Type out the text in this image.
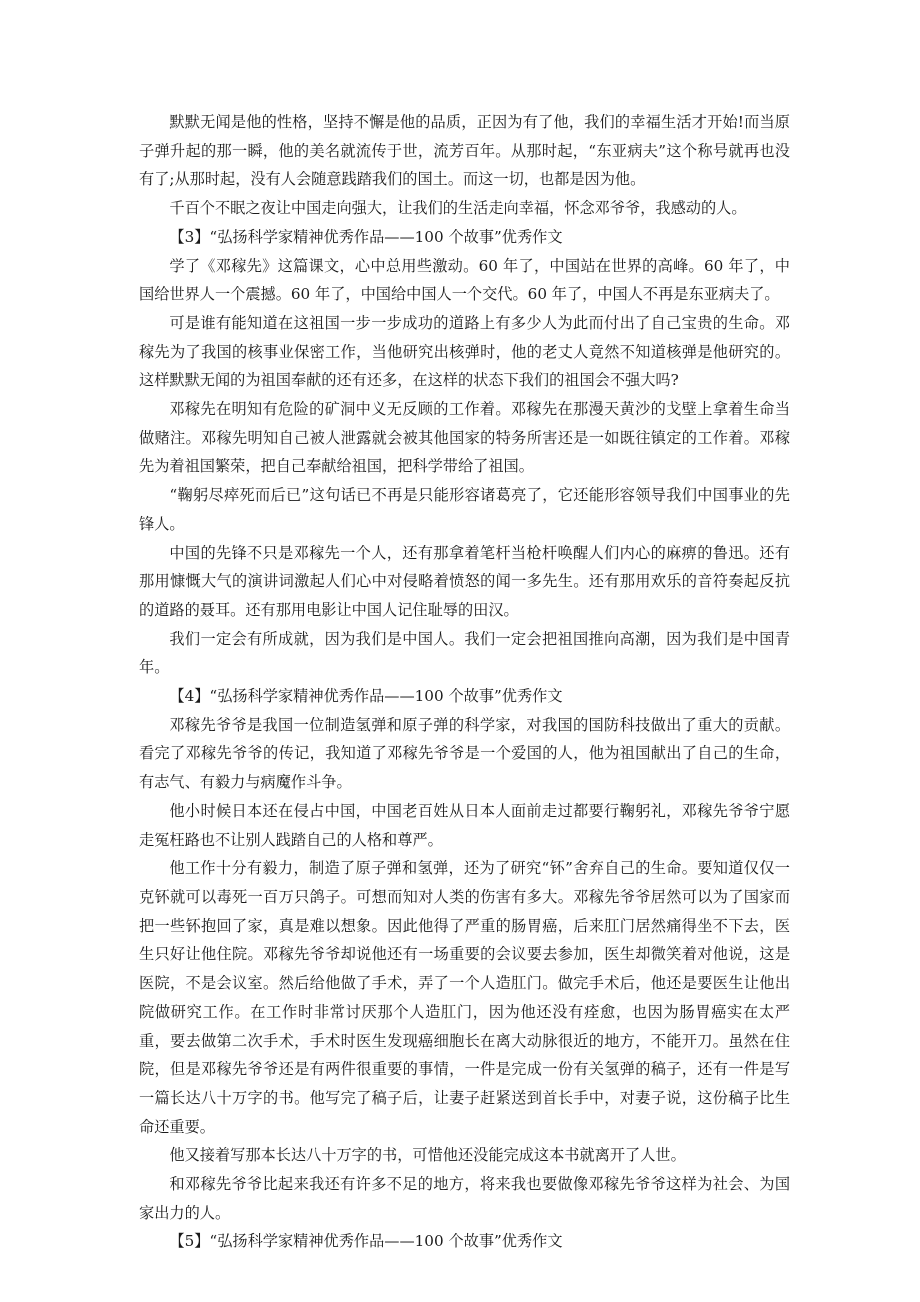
默默无闻是他的性格，坚持不懈是他的品质，正因为有了他，我们的幸福生活才开始!而当原子弹升起的那一瞬，他的美名就流传于世，流芳百年。从那时起，“东亚病夫”这个称号就再也没有了;从那时起，没有人会随意践踏我们的国土。而这一切，也都是因为他。

千百个不眠之夜让中国走向强大，让我们的生活走向幸福，怀念邓爷爷，我感动的人。

【3】“弘扬科学家精神优秀作品——100 个故事”优秀作文

学了《邓稼先》这篇课文，心中总用些激动。60 年了，中国站在世界的高峰。60 年了，中国给世界人一个震撼。60 年了，中国给中国人一个交代。60 年了，中国人不再是东亚病夫了。

可是谁有能知道在这祖国一步一步成功的道路上有多少人为此而付出了自己宝贵的生命。邓稼先为了我国的核事业保密工作，当他研究出核弹时，他的老丈人竟然不知道核弹是他研究的。这样默默无闻的为祖国奉献的还有还多，在这样的状态下我们的祖国会不强大吗?

邓稼先在明知有危险的矿洞中义无反顾的工作着。邓稼先在那漫天黄沙的戈壁上拿着生命当做赌注。邓稼先明知自己被人泄露就会被其他国家的特务所害还是一如既往镇定的工作着。邓稼先为着祖国繁荣，把自己奉献给祖国，把科学带给了祖国。

“鞠躬尽瘁死而后已”这句话已不再是只能形容诸葛亮了，它还能形容领导我们中国事业的先锋人。

中国的先锋不只是邓稼先一个人，还有那拿着笔杆当枪杆唤醒人们内心的麻痹的鲁迅。还有那用慷慨大气的演讲词激起人们心中对侵略着愤怒的闻一多先生。还有那用欢乐的音符奏起反抗的道路的聂耳。还有那用电影让中国人记住耻辱的田汉。

我们一定会有所成就，因为我们是中国人。我们一定会把祖国推向高潮，因为我们是中国青年。

【4】“弘扬科学家精神优秀作品——100 个故事”优秀作文

邓稼先爷爷是我国一位制造氢弹和原子弹的科学家，对我国的国防科技做出了重大的贡献。看完了邓稼先爷爷的传记，我知道了邓稼先爷爷是一个爱国的人，他为祖国献出了自己的生命，有志气、有毅力与病魔作斗争。

他小时候日本还在侵占中国，中国老百姓从日本人面前走过都要行鞠躬礼，邓稼先爷爷宁愿走冤枉路也不让别人践踏自己的人格和尊严。

他工作十分有毅力，制造了原子弹和氢弹，还为了研究“钚”舍弃自己的生命。要知道仅仅一克钚就可以毒死一百万只鸽子。可想而知对人类的伤害有多大。邓稼先爷爷居然可以为了国家而把一些钚抱回了家，真是难以想象。因此他得了严重的肠胃癌，后来肛门居然痛得坐不下去，医生只好让他住院。邓稼先爷爷却说他还有一场重要的会议要去参加，医生却微笑着对他说，这是医院，不是会议室。然后给他做了手术，弄了一个人造肛门。做完手术后，他还是要医生让他出院做研究工作。在工作时非常讨厌那个人造肛门，因为他还没有痊愈，也因为肠胃癌实在太严重，要去做第二次手术，手术时医生发现癌细胞长在离大动脉很近的地方，不能开刀。虽然在住院，但是邓稼先爷爷还是有两件很重要的事情，一件是完成一份有关氢弹的稿子，还有一件是写一篇长达八十万字的书。他写完了稿子后，让妻子赶紧送到首长手中，对妻子说，这份稿子比生命还重要。

他又接着写那本长达八十万字的书，可惜他还没能完成这本书就离开了人世。

和邓稼先爷爷比起来我还有许多不足的地方，将来我也要做像邓稼先爷爷这样为社会、为国家出力的人。

【5】“弘扬科学家精神优秀作品——100 个故事”优秀作文
